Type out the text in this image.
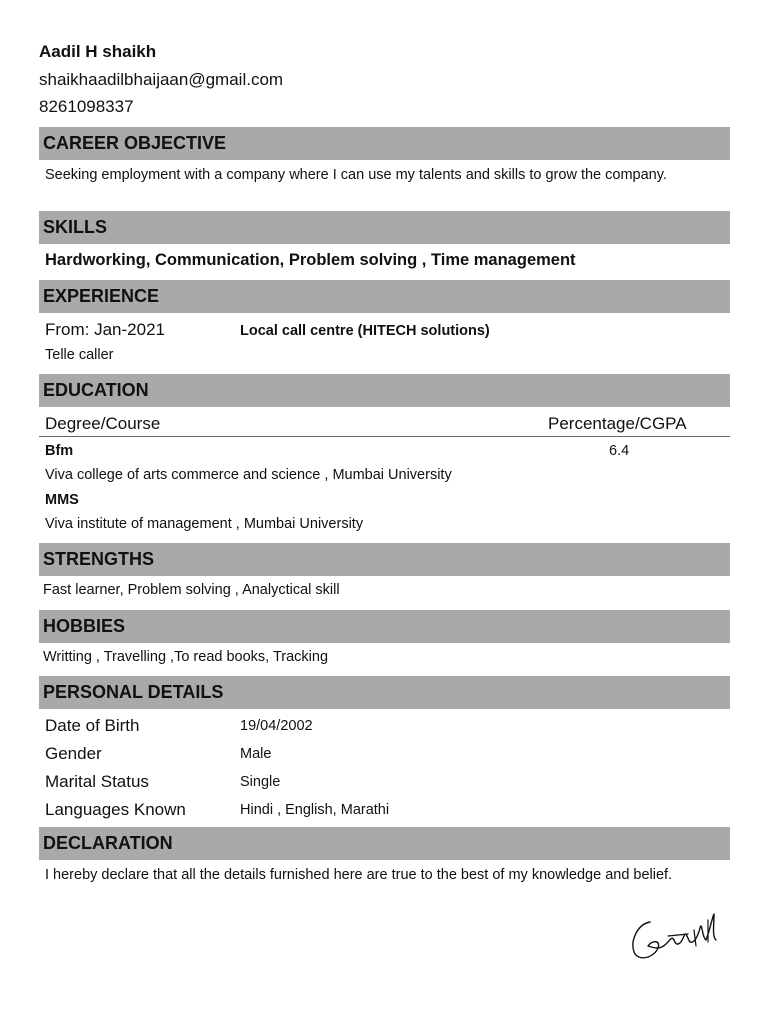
Aadil H shaikh
shaikhaadilbhaijaan@gmail.com
8261098337
CAREER OBJECTIVE
Seeking employment with a company where I can use my talents and skills to grow the company.
SKILLS
Hardworking, Communication, Problem solving , Time management
EXPERIENCE
From: Jan-2021	Local call centre (HITECH solutions)
Telle caller
EDUCATION
Degree/Course	Percentage/CGPA
Bfm	6.4
Viva college of arts commerce and science , Mumbai University
MMS
Viva institute of management , Mumbai University
STRENGTHS
Fast learner, Problem solving , Analyctical skill
HOBBIES
Writting , Travelling ,To read books, Tracking
PERSONAL DETAILS
Date of Birth	19/04/2002
Gender	Male
Marital Status	Single
Languages Known	Hindi , English, Marathi
DECLARATION
I hereby declare that all the details furnished here are true to the best of my knowledge and belief.
